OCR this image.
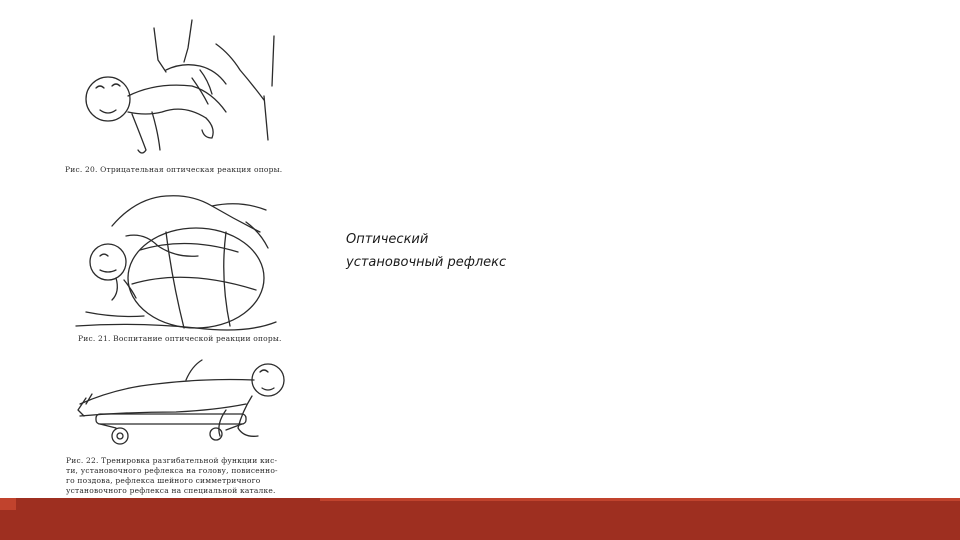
Рис. 20. Отрицательная оптическая реакция опоры.
Рис. 21. Воспитание оптической реакции опоры.
Рис. 22. Тренировка разгибательной функции кис-
ти, установочного рефлекса на голову, повисенно-
го поздова, рефлекса шейного симметричного
установочного рефлекса на специальной каталке.
Оптический
установочный рефлекс
